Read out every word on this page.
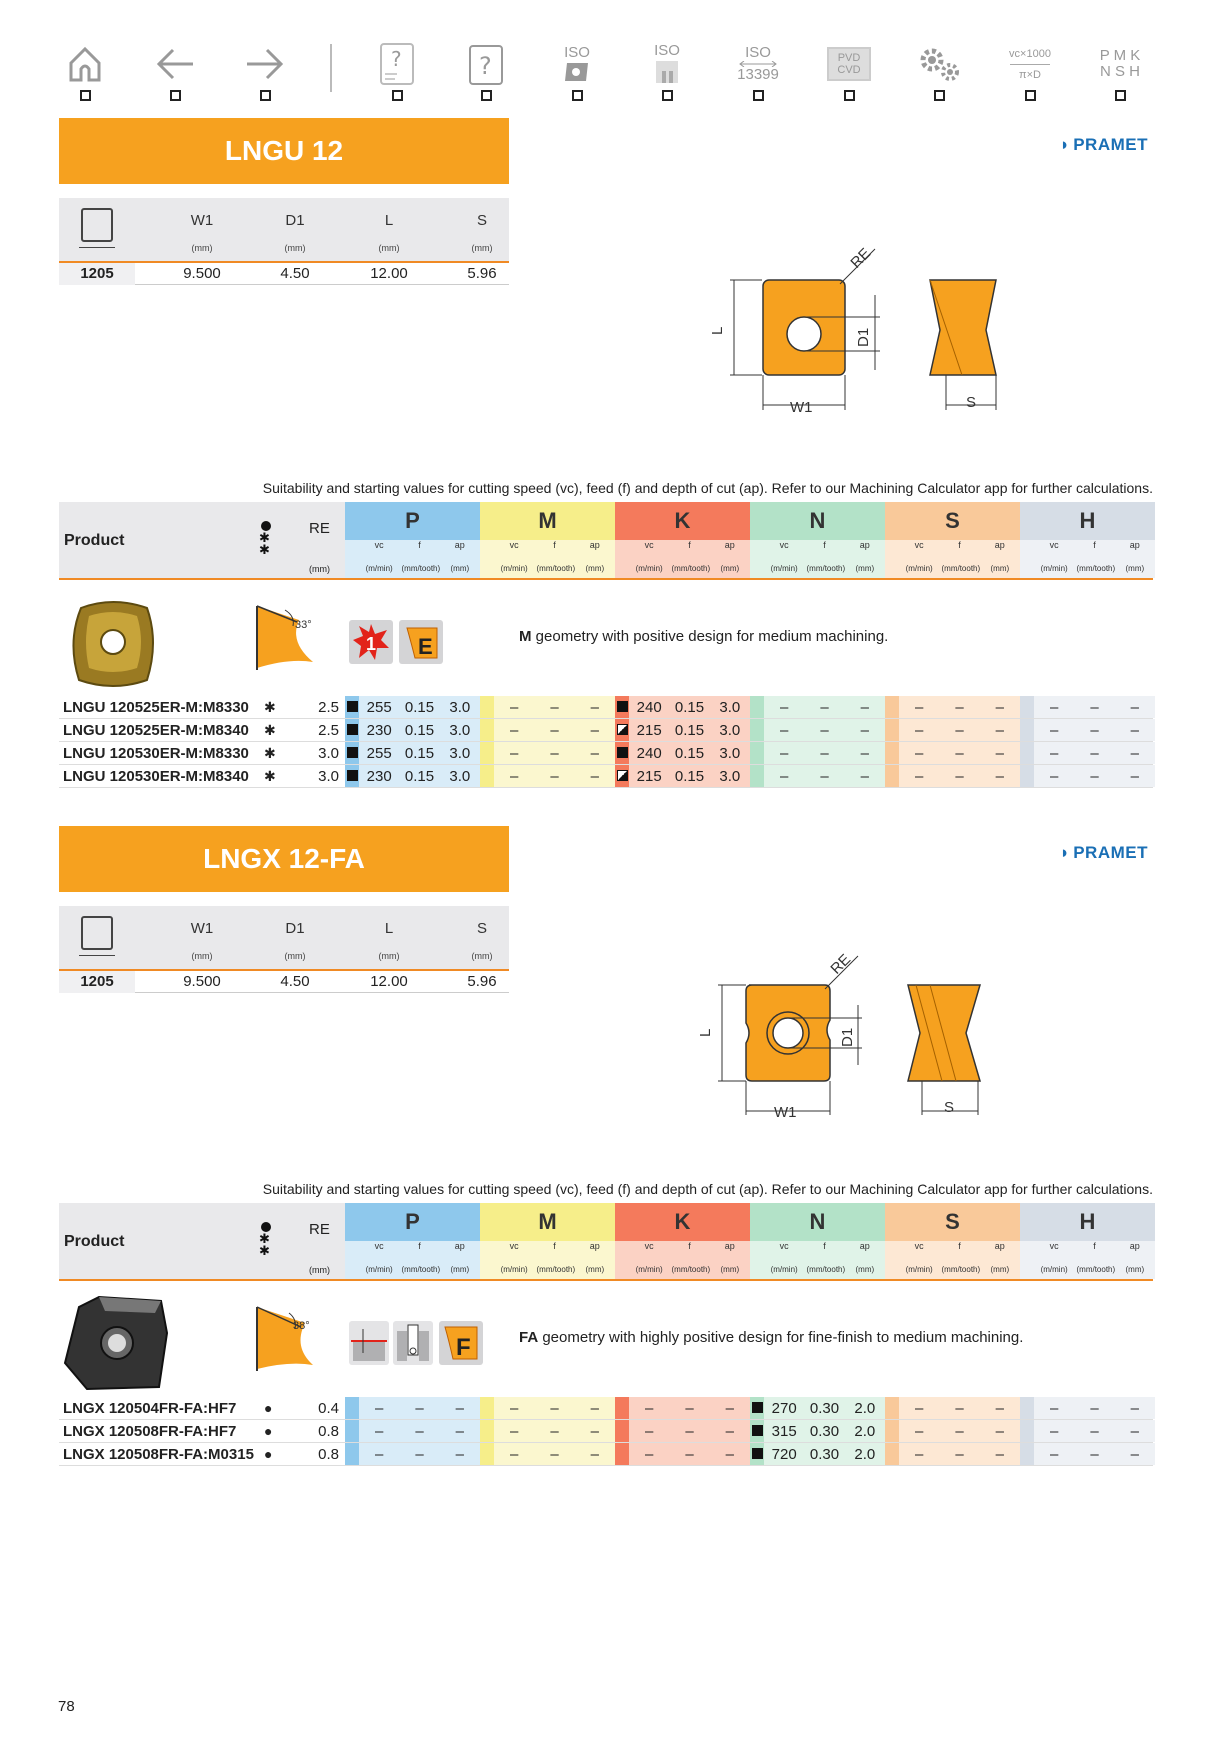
?	?	ISO	ISO	ISO
13399
PVD
CVD
vc×1000
π×D
P M K
N S H
LNGU 12	◗ PRAMET
W1
(mm)
D1
(mm)
L
(mm)
S
(mm)
1205	9.500	4.50	12.00	5.96
L
W1
D1
RE
S
Suitability and starting values for cutting speed (vc), feed (f) and depth of cut (ap). Refer to our Machining Calculator app for further calculations.
Product	✱
✱
RE
(mm)
P
vc	f	ap
(m/min)	(mm/tooth)	(mm)
M
vc	f	ap
(m/min)	(mm/tooth)	(mm)
K
vc	f	ap
(m/min)	(mm/tooth)	(mm)
N
vc	f	ap
(m/min)	(mm/tooth)	(mm)
S
vc	f	ap
(m/min)	(mm/tooth)	(mm)
H
vc	f	ap
(m/min)	(mm/tooth)	(mm)
33°
1 E	M geometry with positive design for medium machining.
LNGU 120525ER-M:M8330 ✱	2.5	255 0.15	3.0	–	–	–	240 0.15	3.0	–	–	–	–	–	–	–	–	–
LNGU 120525ER-M:M8340 ✱	2.5	230 0.15	3.0	–	–	–	215 0.15	3.0	–	–	–	–	–	–	–	–	–
LNGU 120530ER-M:M8330 ✱	3.0	255 0.15	3.0	–	–	–	240 0.15	3.0	–	–	–	–	–	–	–	–	–
LNGU 120530ER-M:M8340 ✱	3.0	230 0.15	3.0	–	–	–	215 0.15	3.0	–	–	–	–	–	–	–	–	–
LNGX 12-FA	◗ PRAMET
W1
(mm)
D1
(mm)
L
(mm)
S
(mm)
1205	9.500	4.50	12.00	5.96
L
W1
D1
RE
S
Suitability and starting values for cutting speed (vc), feed (f) and depth of cut (ap). Refer to our Machining Calculator app for further calculations.
Product	✱
✱
RE
(mm)
P
vc	f	ap
(m/min)	(mm/tooth)	(mm)
M
vc	f	ap
(m/min)	(mm/tooth)	(mm)
K
vc	f	ap
(m/min)	(mm/tooth)	(mm)
N
vc	f	ap
(m/min)	(mm/tooth)	(mm)
S
vc	f	ap
(m/min)	(mm/tooth)	(mm)
H
vc	f	ap
(m/min)	(mm/tooth)	(mm)
38°
F	FA geometry with highly positive design for fine-finish to medium machining.
LNGX 120504FR-FA:HF7 ●	0.4	–	–	–	–	–	–	–	–	–	270 0.30	2.0	–	–	–	–	–	–
LNGX 120508FR-FA:HF7 ●	0.8	–	–	–	–	–	–	–	–	–	315 0.30	2.0	–	–	–	–	–	–
LNGX 120508FR-FA:M0315 ●	0.8	–	–	–	–	–	–	–	–	–	720 0.30	2.0	–	–	–	–	–	–
78
